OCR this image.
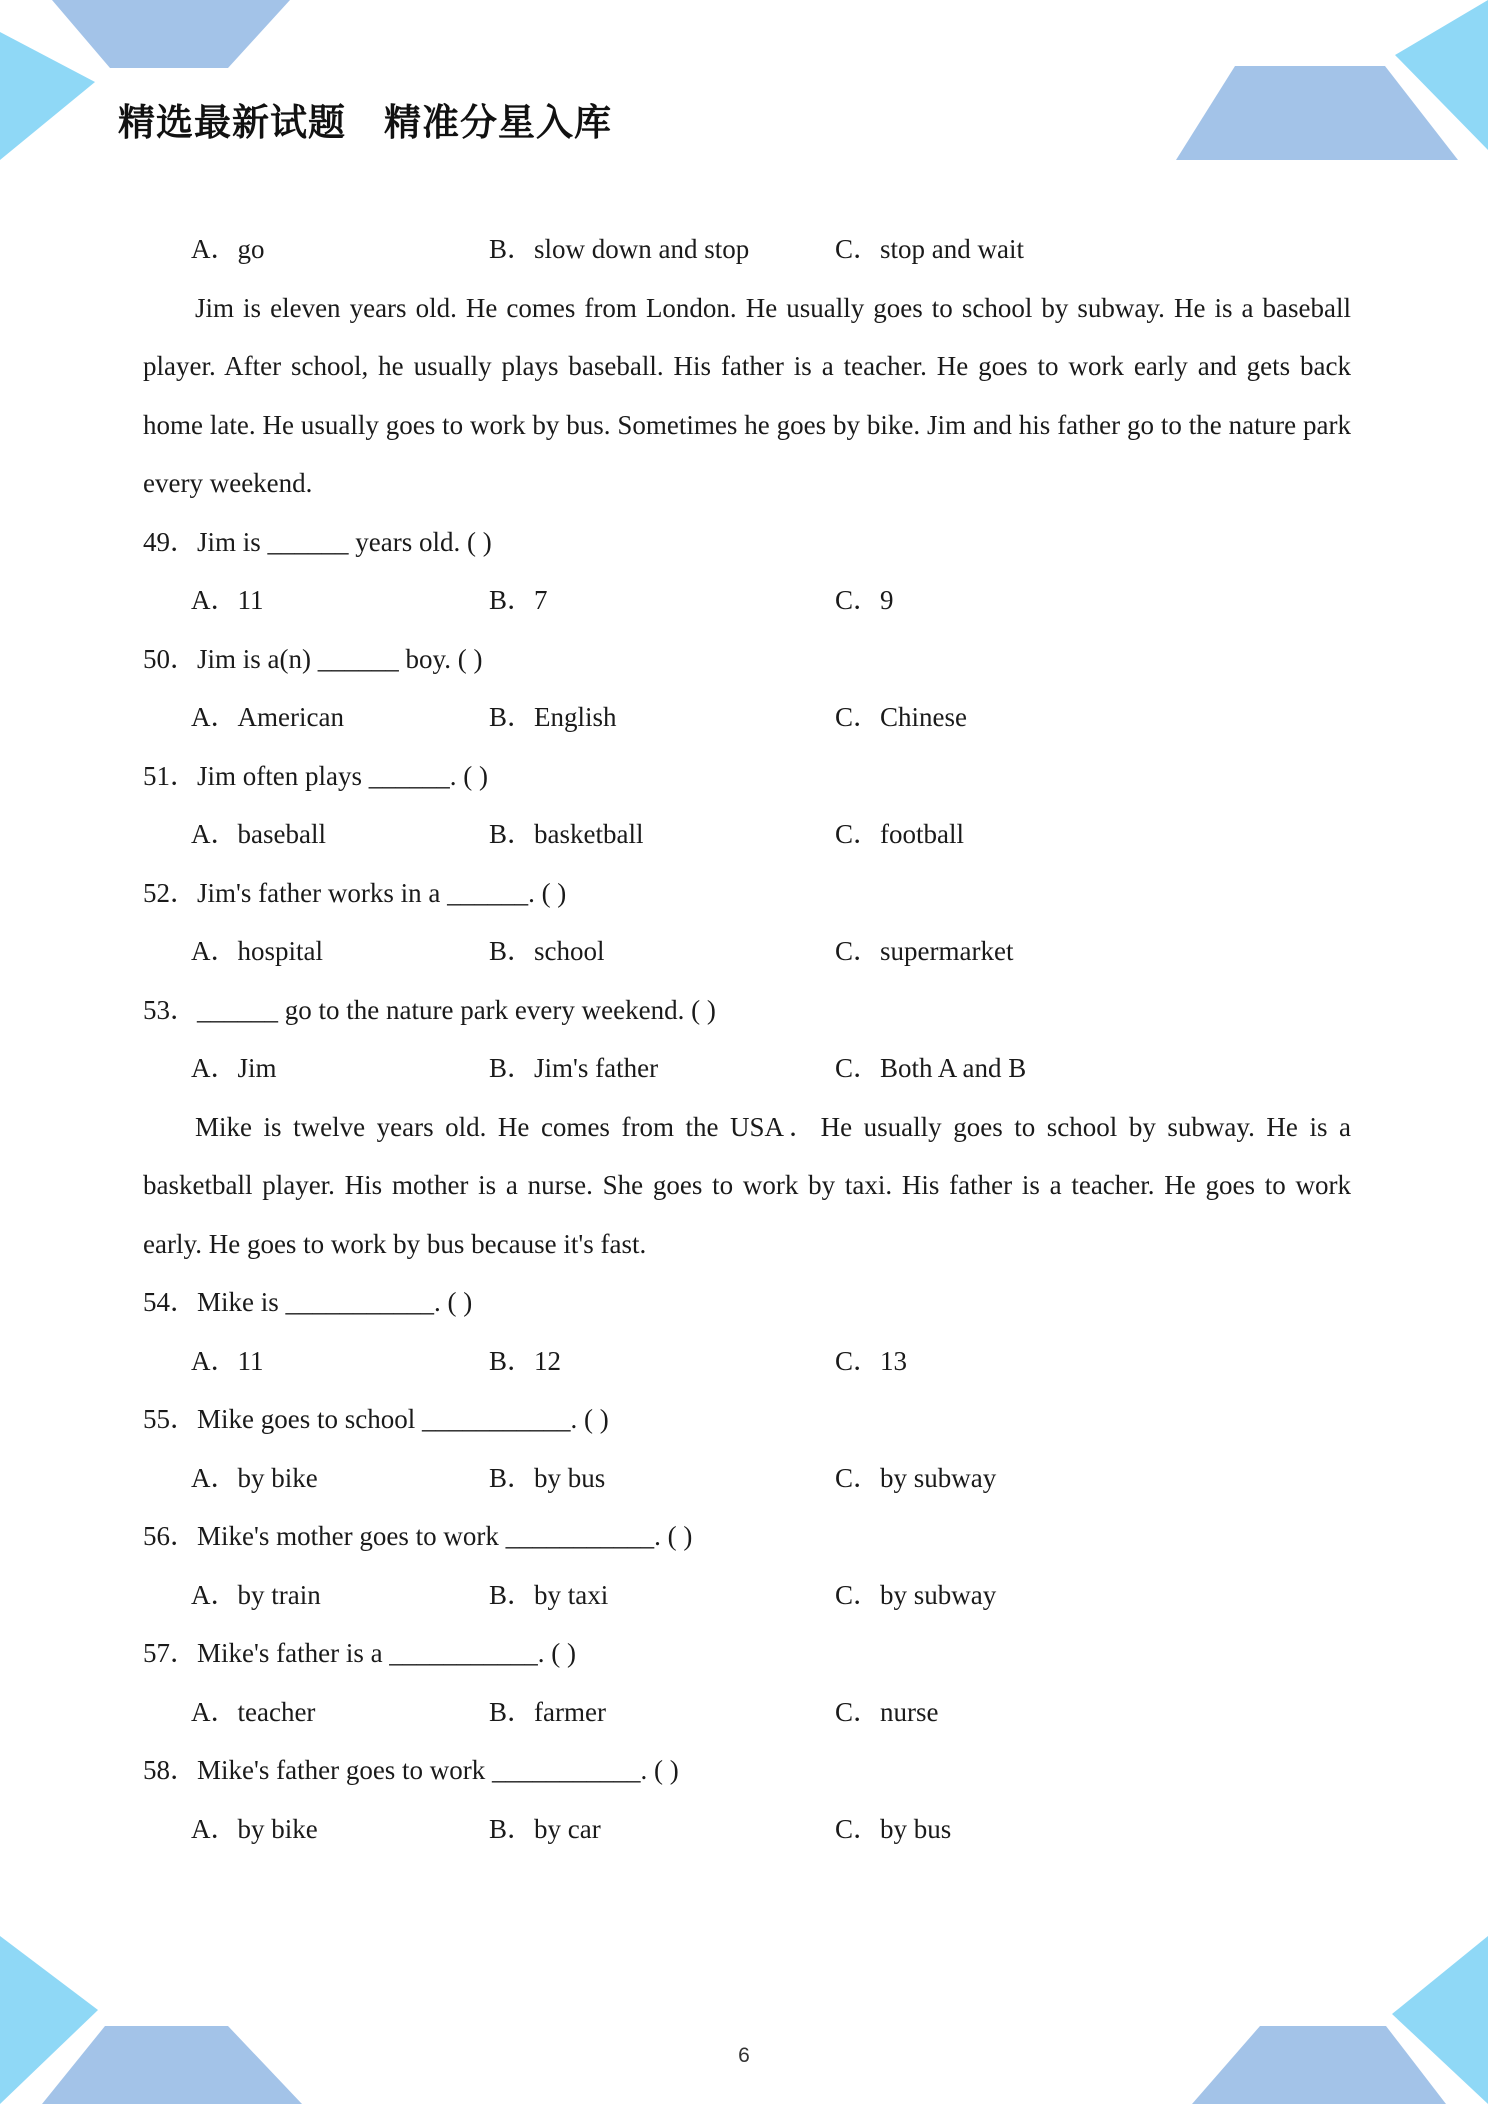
精选最新试题　精准分星入库
A．go	B．slow down and stop	C．stop and wait

Jim is eleven years old. He comes from London. He usually goes to school by subway. He is a baseball player. After school, he usually plays baseball. His father is a teacher. He goes to work early and gets back home late. He usually goes to work by bus. Sometimes he goes by bike. Jim and his father go to the nature park every weekend.

49．Jim is ______ years old. ( )
A．11	B．7	C．9
50．Jim is a(n) ______ boy. ( )
A．American	B．English	C．Chinese
51．Jim often plays ______. ( )
A．baseball	B．basketball	C．football
52．Jim's father works in a ______. ( )
A．hospital	B．school	C．supermarket
53．______ go to the nature park every weekend. ( )
A．Jim	B．Jim's father	C．Both A and B

Mike is twelve years old. He comes from the USA．He usually goes to school by subway. He is a basketball player. His mother is a nurse. She goes to work by taxi. His father is a teacher. He goes to work early. He goes to work by bus because it's fast.

54．Mike is ___________. ( )
A．11	B．12	C．13
55．Mike goes to school ___________. ( )
A．by bike	B．by bus	C．by subway
56．Mike's mother goes to work ___________. ( )
A．by train	B．by taxi	C．by subway
57．Mike's father is a ___________. ( )
A．teacher	B．farmer	C．nurse
58．Mike's father goes to work ___________. ( )
A．by bike	B．by car	C．by bus
6
